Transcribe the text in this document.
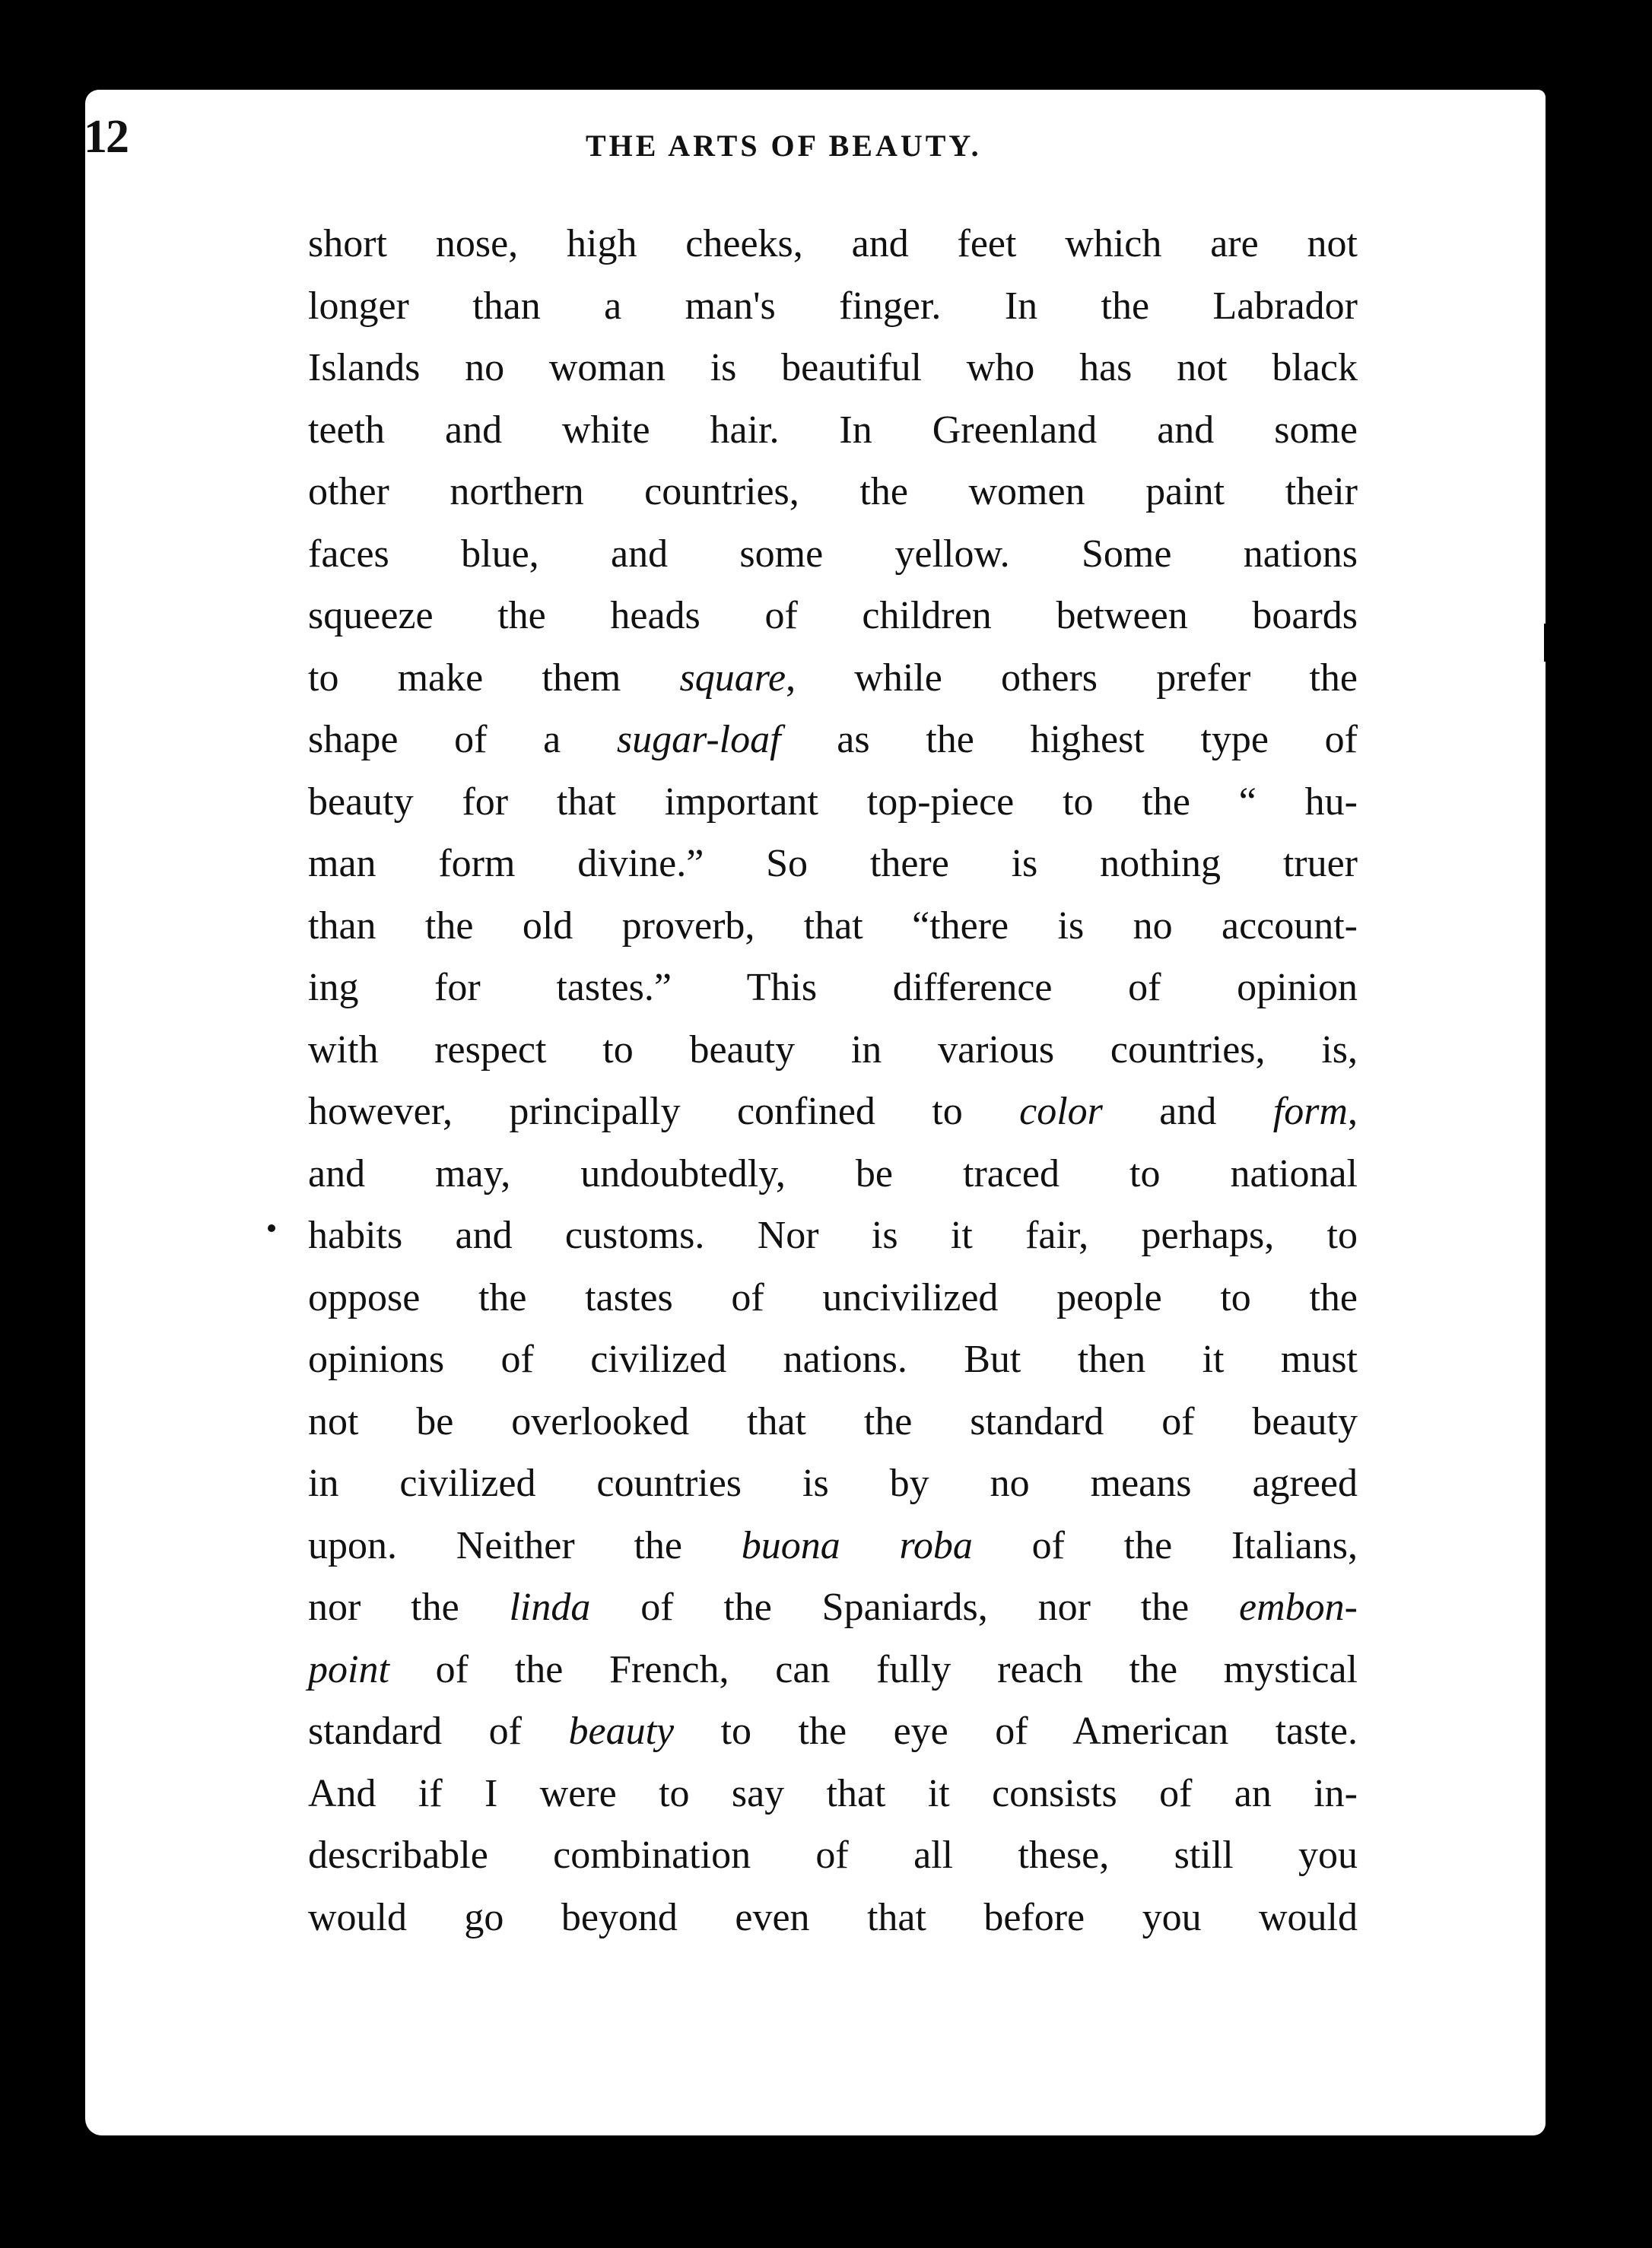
12	THE ARTS OF BEAUTY.
short nose, high cheeks, and feet which are not
longer than a man's finger. In the Labrador
Islands no woman is beautiful who has not black
teeth and white hair. In Greenland and some
other northern countries, the women paint their
faces blue, and some yellow. Some nations
squeeze the heads of children between boards
to make them square, while others prefer the
shape of a sugar-loaf as the highest type of
beauty for that important top-piece to the “ hu-
man form divine.” So there is nothing truer
than the old proverb, that “there is no account-
ing for tastes.” This difference of opinion
with respect to beauty in various countries, is,
however, principally confined to color and form,
and may, undoubtedly, be traced to national
habits and customs. Nor is it fair, perhaps, to
oppose the tastes of uncivilized people to the
opinions of civilized nations. But then it must
not be overlooked that the standard of beauty
in civilized countries is by no means agreed
upon. Neither the buona roba of the Italians,
nor the linda of the Spaniards, nor the embon-
point of the French, can fully reach the mystical
standard of beauty to the eye of American taste.
And if I were to say that it consists of an in-
describable combination of all these, still you
would go beyond even that before you would
